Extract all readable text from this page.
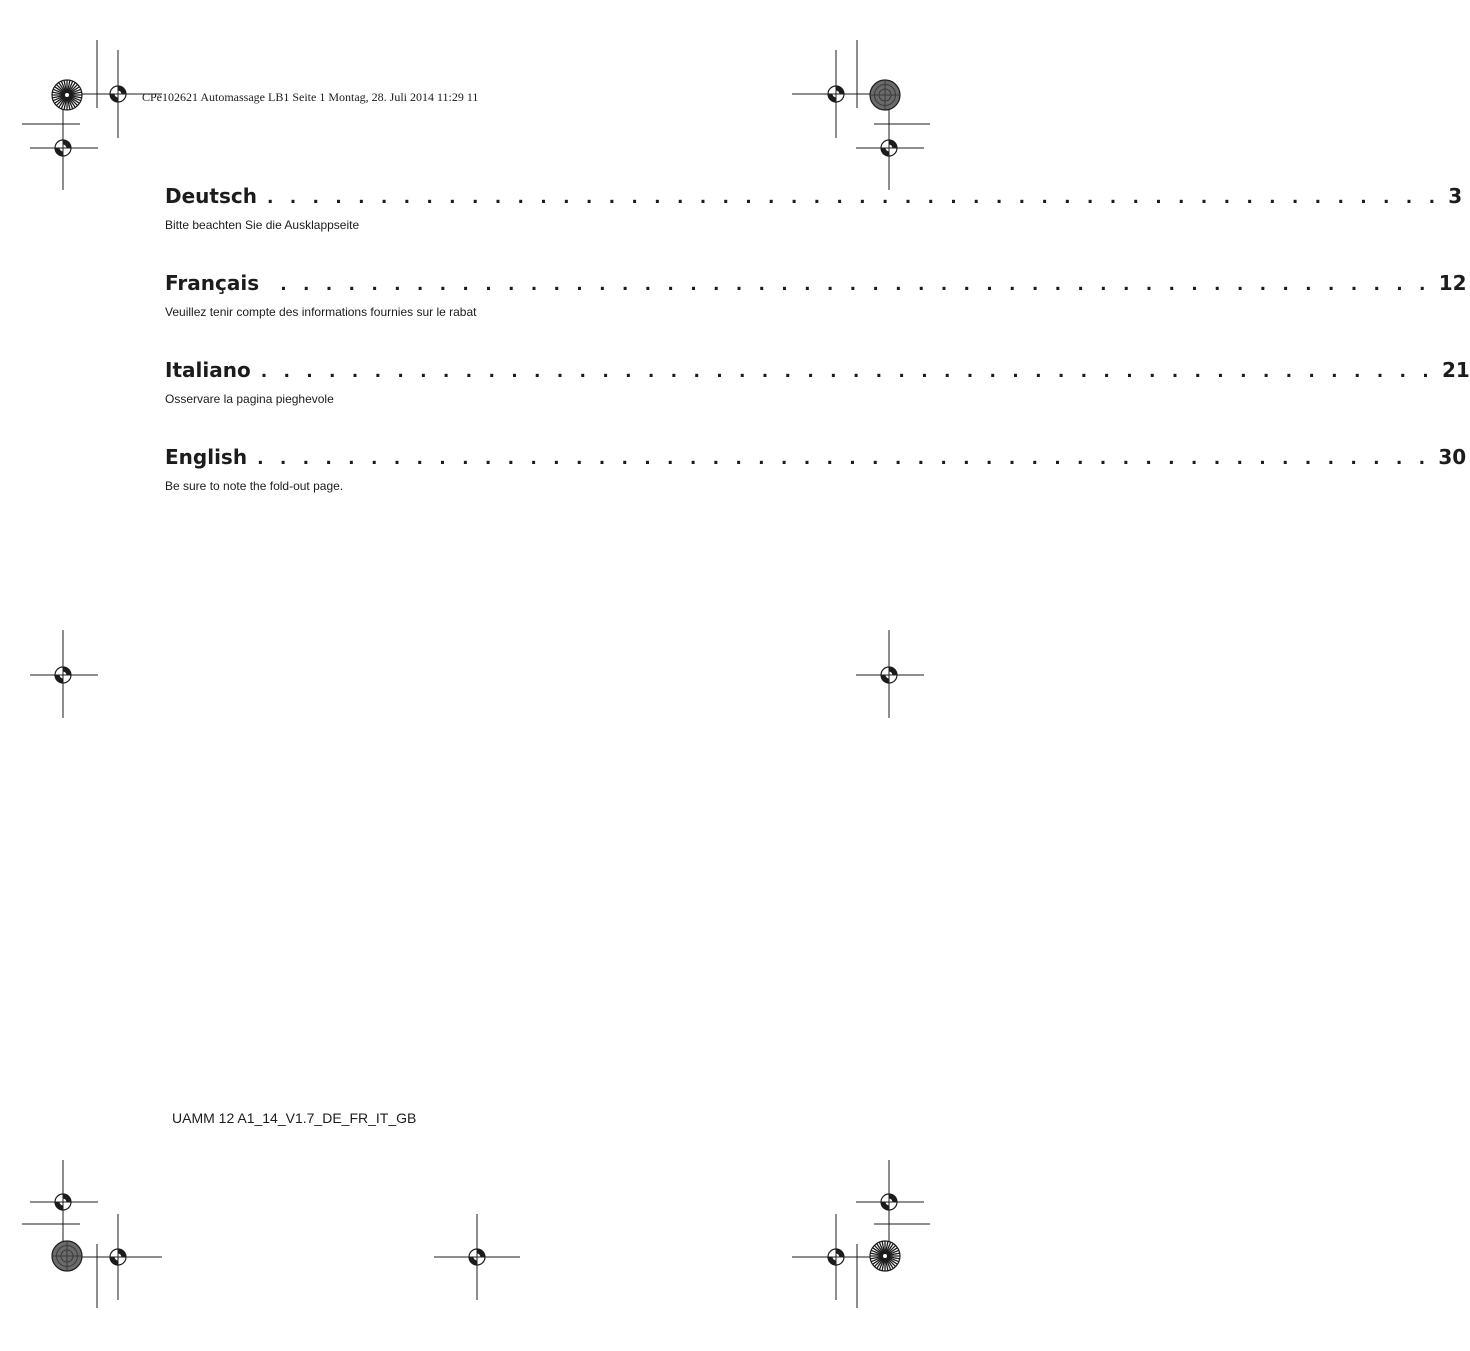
CPe102621 Automassage LB1 Seite 1 Montag, 28. Juli 2014 11:29 11
Deutsch . . . . . . . . . . . . . . . . . . . . . . . . . . . . . . . . . . . . . . . . . . . . . . . . . . . . 3
Bitte beachten Sie die Ausklappseite
Français . . . . . . . . . . . . . . . . . . . . . . . . . . . . . . . . . . . . . . . . . . . . . . . . . . . 12
Veuillez tenir compte des informations fournies sur le rabat
Italiano . . . . . . . . . . . . . . . . . . . . . . . . . . . . . . . . . . . . . . . . . . . . . . . . . . . . 21
Osservare la pagina pieghevole
English . . . . . . . . . . . . . . . . . . . . . . . . . . . . . . . . . . . . . . . . . . . . . . . . . . . . 30
Be sure to note the fold-out page.
UAMM 12 A1_14_V1.7_DE_FR_IT_GB
